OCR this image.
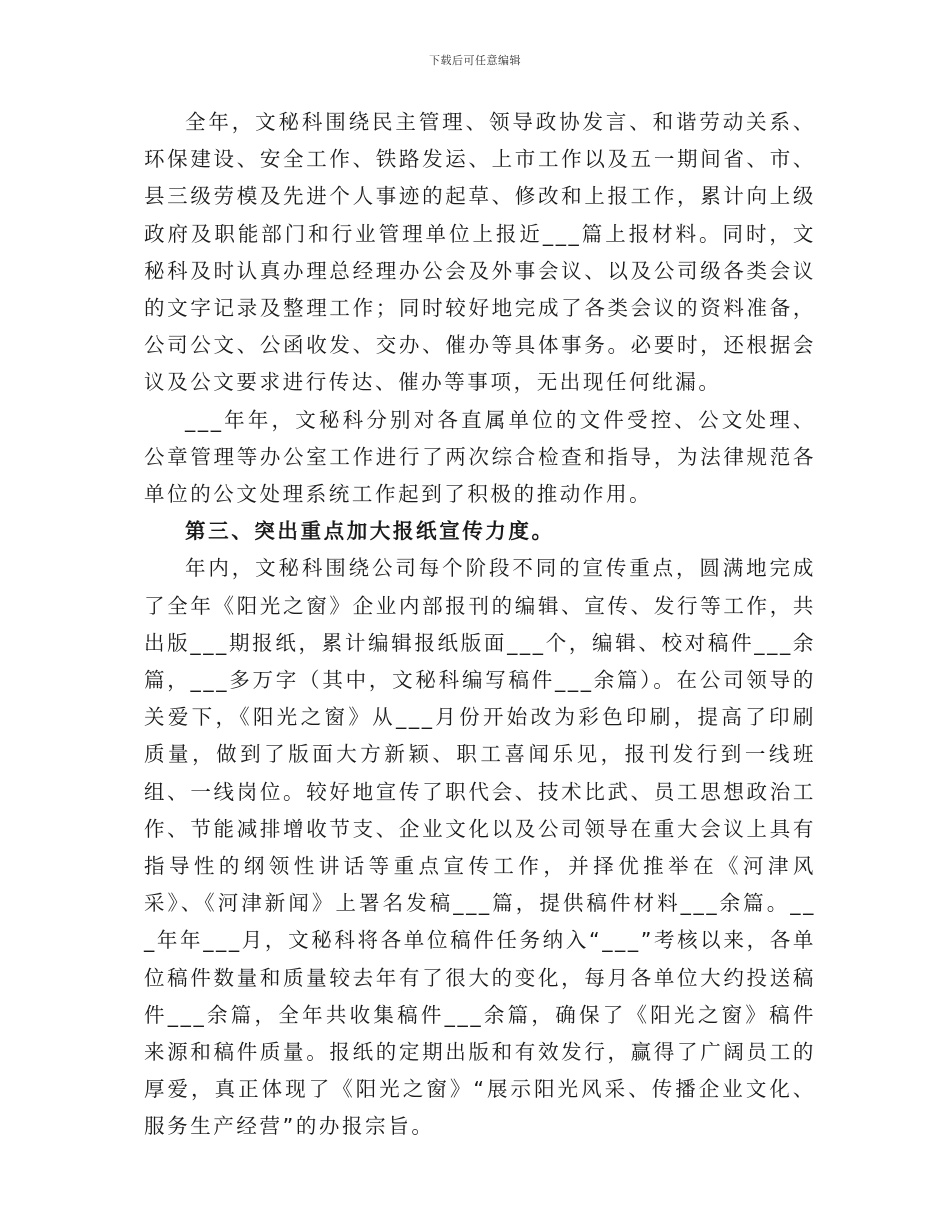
下载后可任意编辑

全年，文秘科围绕民主管理、领导政协发言、和谐劳动关系、环保建设、安全工作、铁路发运、上市工作以及五一期间省、市、县三级劳模及先进个人事迹的起草、修改和上报工作，累计向上级政府及职能部门和行业管理单位上报近___篇上报材料。同时，文秘科及时认真办理总经理办公会及外事会议、以及公司级各类会议的文字记录及整理工作；同时较好地完成了各类会议的资料准备，公司公文、公函收发、交办、催办等具体事务。必要时，还根据会议及公文要求进行传达、催办等事项，无出现任何纰漏。

___年年，文秘科分别对各直属单位的文件受控、公文处理、公章管理等办公室工作进行了两次综合检查和指导，为法律规范各单位的公文处理系统工作起到了积极的推动作用。

第三、突出重点加大报纸宣传力度。

年内，文秘科围绕公司每个阶段不同的宣传重点，圆满地完成了全年《阳光之窗》企业内部报刊的编辑、宣传、发行等工作，共出版___期报纸，累计编辑报纸版面___个，编辑、校对稿件___余篇，___多万字（其中，文秘科编写稿件___余篇）。在公司领导的关爱下，《阳光之窗》从___月份开始改为彩色印刷，提高了印刷质量，做到了版面大方新颖、职工喜闻乐见，报刊发行到一线班组、一线岗位。较好地宣传了职代会、技术比武、员工思想政治工作、节能减排增收节支、企业文化以及公司领导在重大会议上具有指导性的纲领性讲话等重点宣传工作，并择优推举在《河津风采》、《河津新闻》上署名发稿___篇，提供稿件材料___余篇。___年年___月，文秘科将各单位稿件任务纳入“___”考核以来，各单位稿件数量和质量较去年有了很大的变化，每月各单位大约投送稿件___余篇，全年共收集稿件___余篇，确保了《阳光之窗》稿件来源和稿件质量。报纸的定期出版和有效发行，赢得了广阔员工的厚爱，真正体现了《阳光之窗》“展示阳光风采、传播企业文化、服务生产经营”的办报宗旨。
